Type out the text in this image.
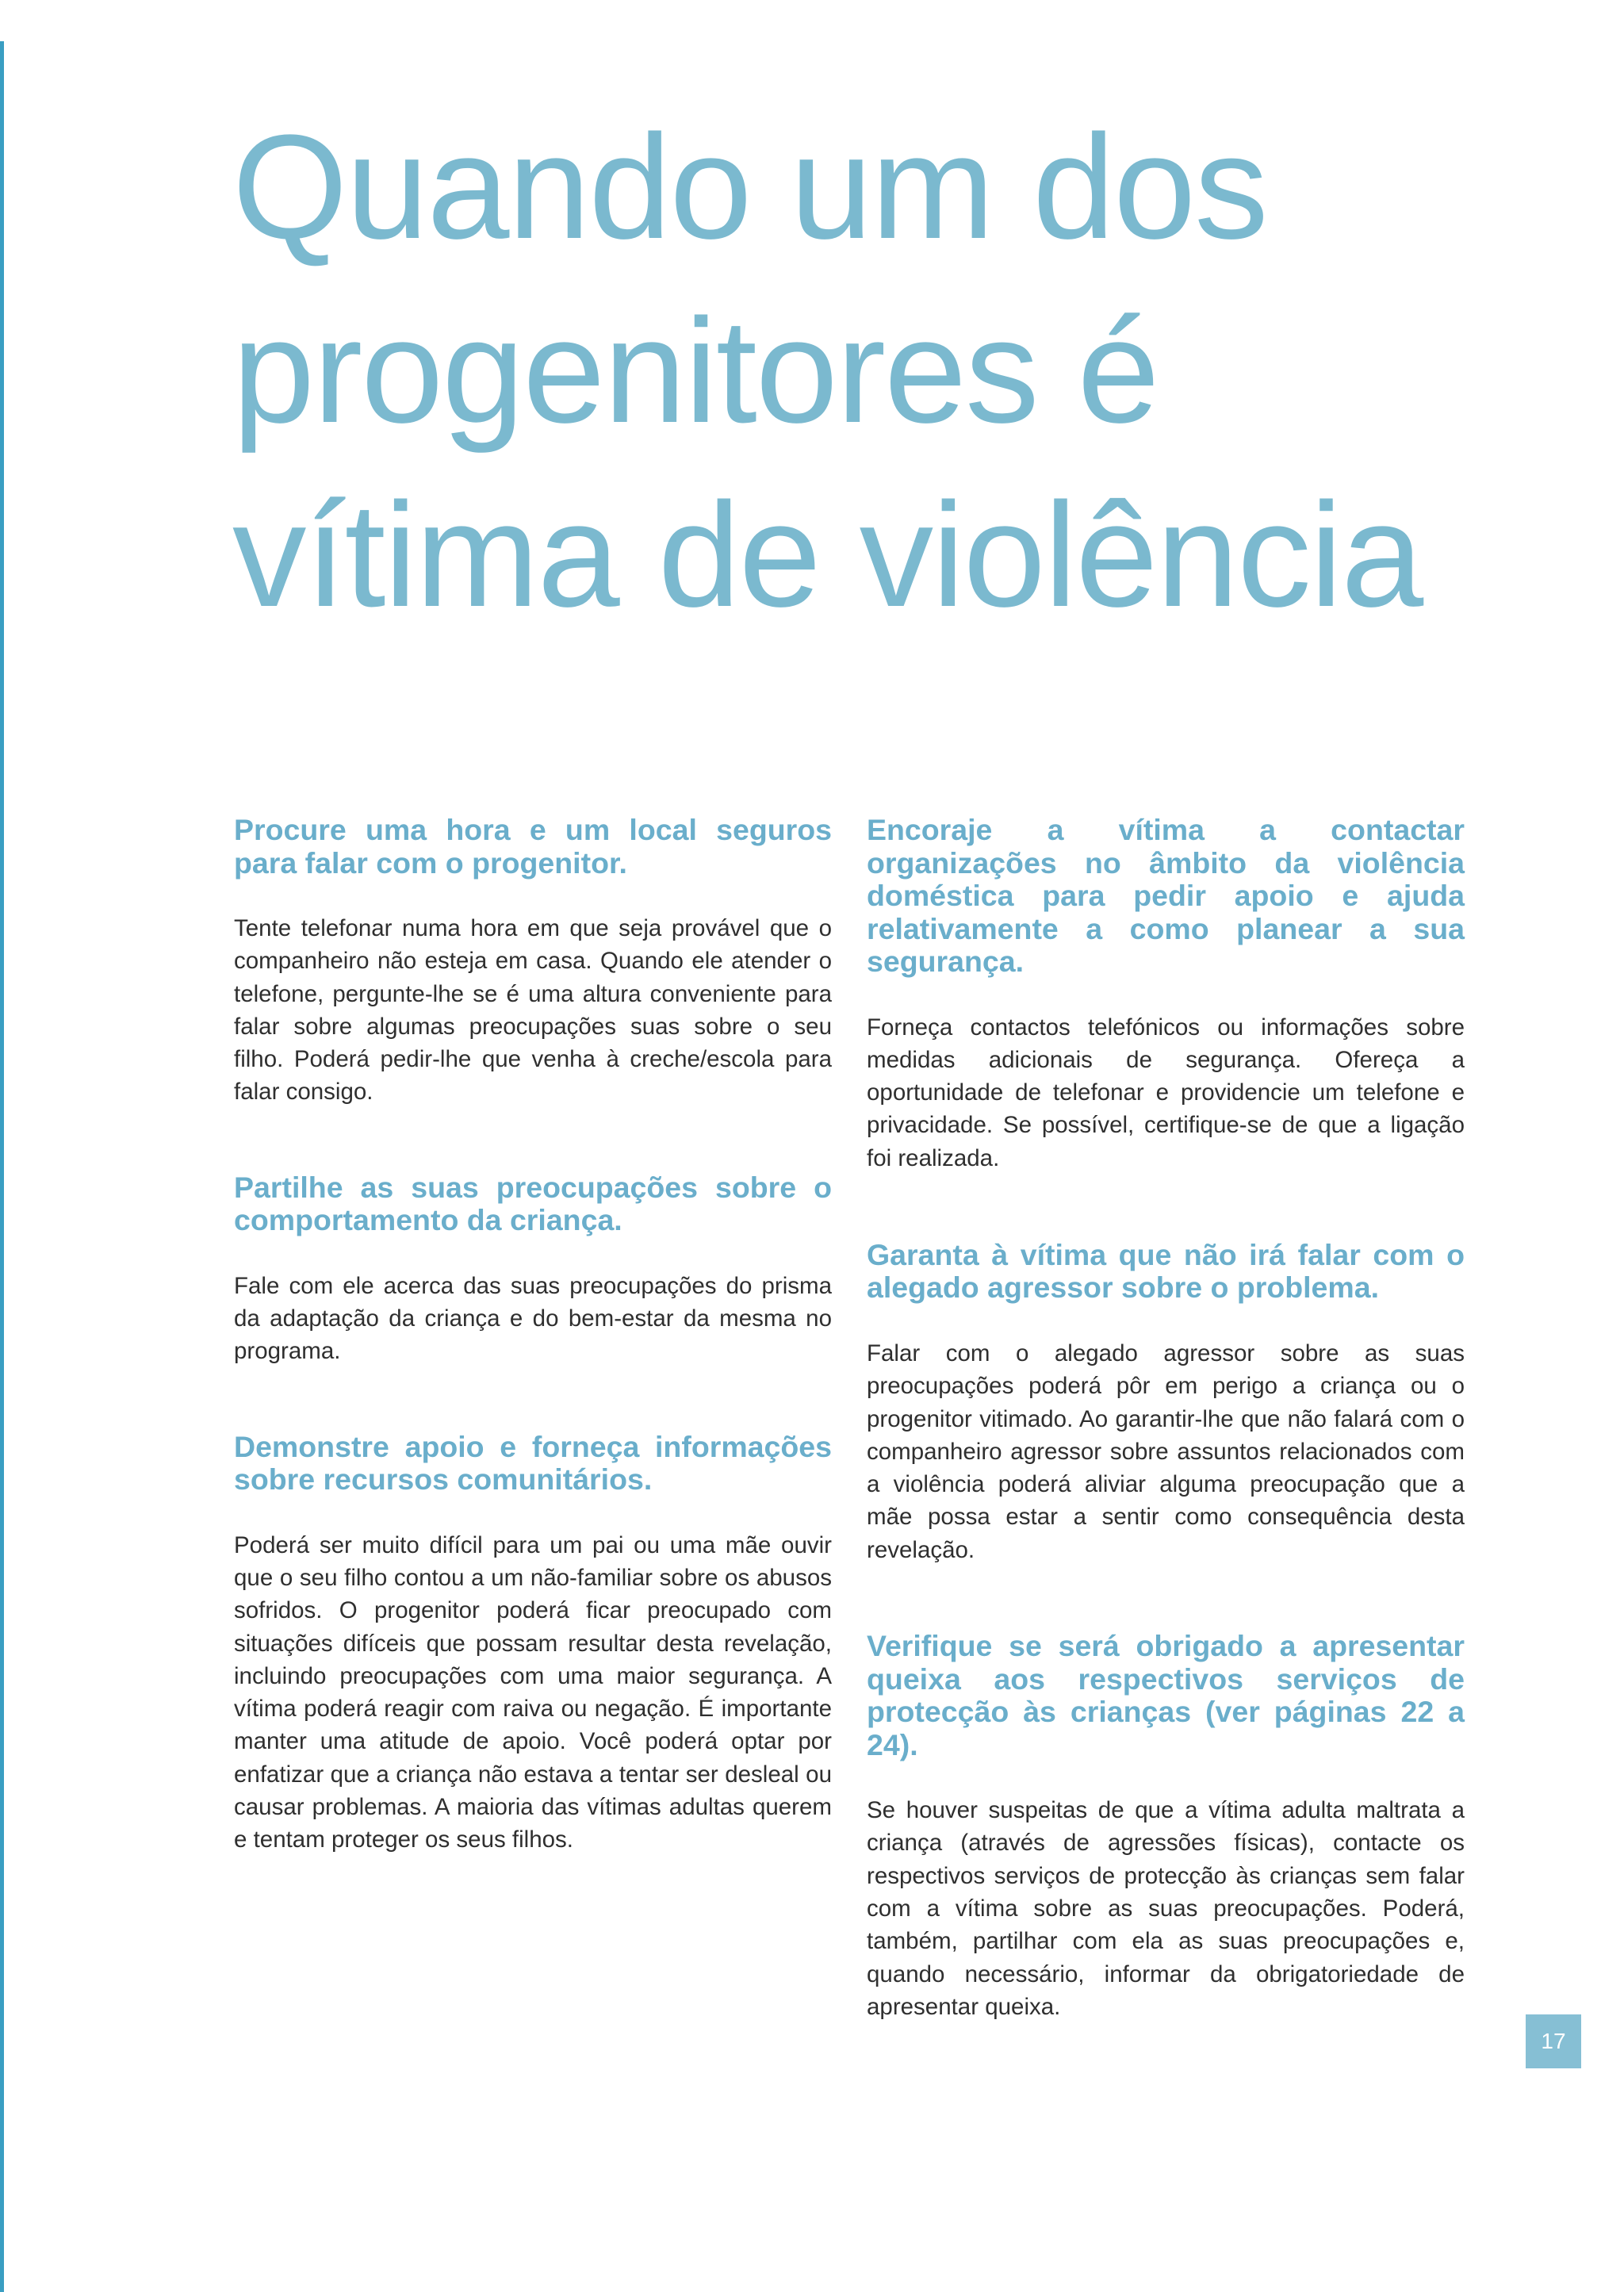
Quando um dos progenitores é vítima de violência
Procure uma hora e um local seguros para falar com o progenitor.

Tente telefonar numa hora em que seja provável que o companheiro não esteja em casa. Quando ele atender o telefone, pergunte-lhe se é uma altura conveniente para falar sobre algumas preocupações suas sobre o seu filho. Poderá pedir-lhe que venha à creche/escola para falar consigo.

Partilhe as suas preocupações sobre o comportamento da criança.

Fale com ele acerca das suas preocupações do prisma da adaptação da criança e do bem-estar da mesma no programa.

Demonstre apoio e forneça informações sobre recursos comunitários.

Poderá ser muito difícil para um pai ou uma mãe ouvir que o seu filho contou a um não-familiar sobre os abusos sofridos. O progenitor poderá ficar preocupado com situações difíceis que possam resultar desta revelação, incluindo preocupações com uma maior segurança. A vítima poderá reagir com raiva ou negação. É importante manter uma atitude de apoio. Você poderá optar por enfatizar que a criança não estava a tentar ser desleal ou causar problemas. A maioria das vítimas adultas querem e tentam proteger os seus filhos.

Encoraje a vítima a contactar organizações no âmbito da violência doméstica para pedir apoio e ajuda relativamente a como planear a sua segurança.

Forneça contactos telefónicos ou informações sobre medidas adicionais de segurança. Ofereça a oportunidade de telefonar e providencie um telefone e privacidade. Se possível, certifique-se de que a ligação foi realizada.

Garanta à vítima que não irá falar com o alegado agressor sobre o problema.

Falar com o alegado agressor sobre as suas preocupações poderá pôr em perigo a criança ou o progenitor vitimado. Ao garantir-lhe que não falará com o companheiro agressor sobre assuntos relacionados com a violência poderá aliviar alguma preocupação que a mãe possa estar a sentir como consequência desta revelação.

Verifique se será obrigado a apresentar queixa aos respectivos serviços de protecção às crianças (ver páginas 22 a 24).

Se houver suspeitas de que a vítima adulta maltrata a criança (através de agressões físicas), contacte os respectivos serviços de protecção às crianças sem falar com a vítima sobre as suas preocupações. Poderá, também, partilhar com ela as suas preocupações e, quando necessário, informar da obrigatoriedade de apresentar queixa.

17
